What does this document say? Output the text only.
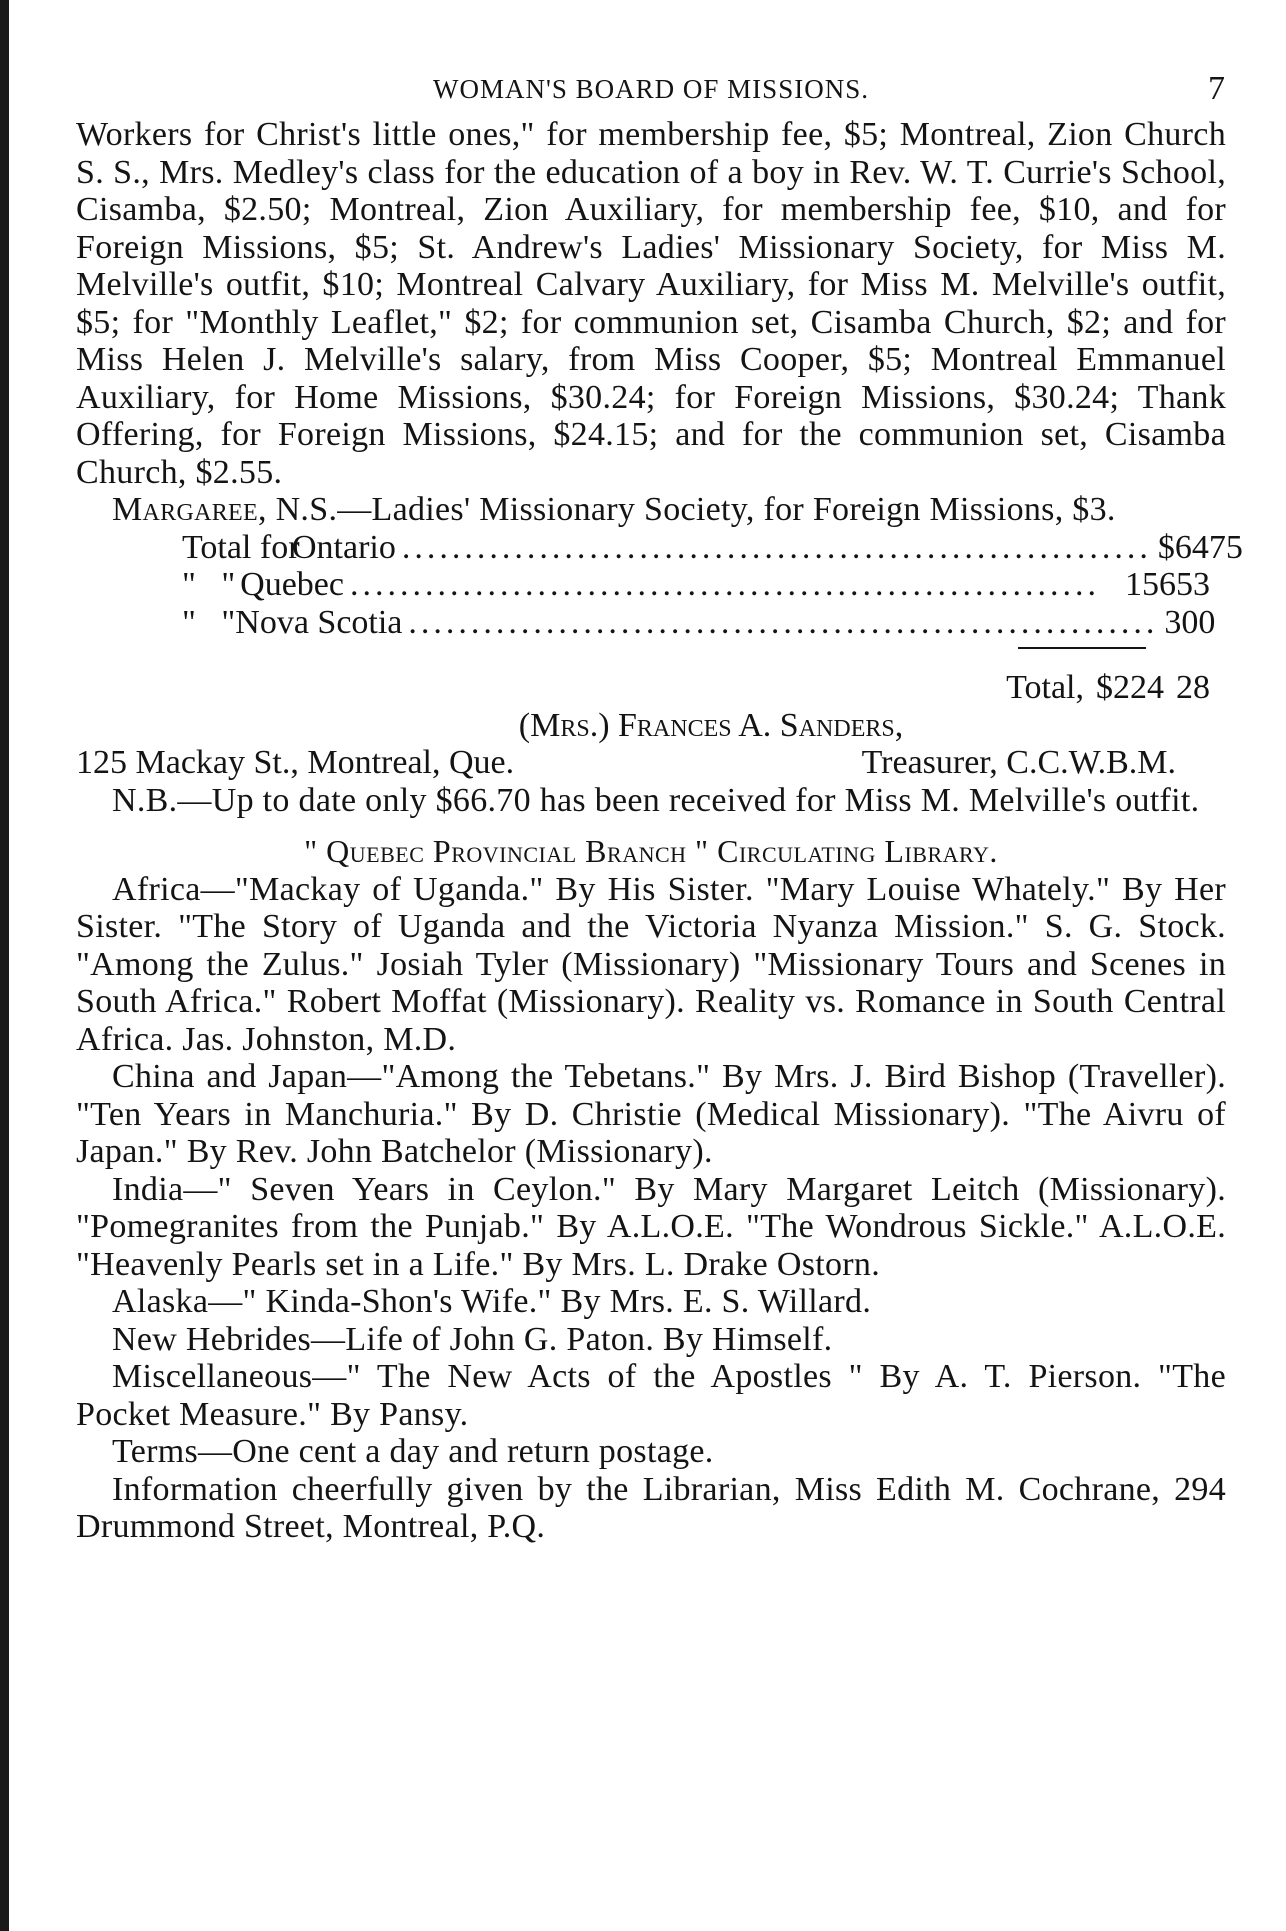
WOMAN'S BOARD OF MISSIONS.	7

Workers for Christ's little ones," for membership fee, $5; Montreal, Zion Church S. S., Mrs. Medley's class for the education of a boy in Rev. W. T. Currie's School, Cisamba, $2.50; Montreal, Zion Auxiliary, for membership fee, $10, and for Foreign Missions, $5; St. Andrew's Ladies' Missionary Society, for Miss M. Melville's outfit, $10; Montreal Calvary Auxiliary, for Miss M. Melville's outfit, $5; for "Monthly Leaflet," $2; for communion set, Cisamba Church, $2; and for Miss Helen J. Melville's salary, from Miss Cooper, $5; Montreal Emmanuel Auxiliary, for Home Missions, $30.24; for Foreign Missions, $30.24; Thank Offering, for Foreign Missions, $24.15; and for the communion set, Cisamba Church, $2.55.

Margaree, N.S.—Ladies' Missionary Society, for Foreign Missions, $3.

Total for
Ontario ............................................................ $ 64 75
"   " Quebec ............................................................ 156 53
"   " Nova Scotia ............................................................ 3 00
Total, $224 28
(Mrs.) Frances A. Sanders,
125 Mackay St., Montreal, Que.	Treasurer, C.C.W.B.M.

N.B.—Up to date only $66.70 has been received for Miss M. Melville's outfit.

" Quebec Provincial Branch " Circulating Library.

Africa—"Mackay of Uganda." By His Sister. "Mary Louise Whately." By Her Sister. "The Story of Uganda and the Victoria Nyanza Mission." S. G. Stock. "Among the Zulus." Josiah Tyler (Missionary) "Missionary Tours and Scenes in South Africa." Robert Moffat (Missionary). Reality vs. Romance in South Central Africa. Jas. Johnston, M.D.

China and Japan—"Among the Tebetans." By Mrs. J. Bird Bishop (Traveller). "Ten Years in Manchuria." By D. Christie (Medical Missionary). "The Aivru of Japan." By Rev. John Batchelor (Missionary).

India—" Seven Years in Ceylon." By Mary Margaret Leitch (Missionary). "Pomegranites from the Punjab." By A.L.O.E. "The Wondrous Sickle." A.L.O.E. "Heavenly Pearls set in a Life." By Mrs. L. Drake Ostorn.

Alaska—" Kinda-Shon's Wife." By Mrs. E. S. Willard.

New Hebrides—Life of John G. Paton. By Himself.

Miscellaneous—" The New Acts of the Apostles " By A. T. Pierson. "The Pocket Measure." By Pansy.

Terms—One cent a day and return postage.

Information cheerfully given by the Librarian, Miss Edith M. Cochrane, 294 Drummond Street, Montreal, P.Q.
